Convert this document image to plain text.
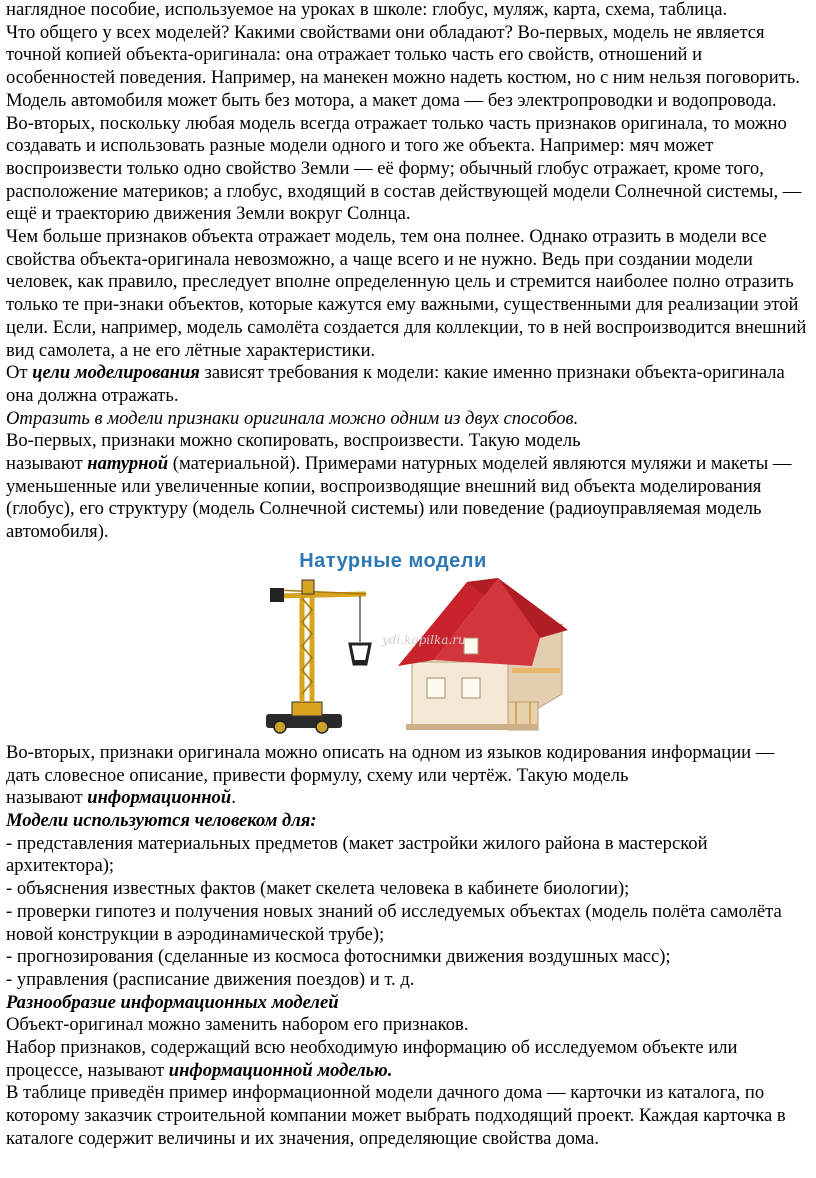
наглядное пособие, используемое на уроках в школе: глобус, муляж, карта, схема, таблица.

Что общего у всех моделей? Какими свойствами они обладают? Во-первых, модель не является точной копией объекта-оригинала: она отражает только часть его свойств, отношений и особенностей поведения. Например, на манекен можно надеть костюм, но с ним нельзя поговорить. Модель автомобиля может быть без мотора, а макет дома — без электропроводки и водопровода.

Во-вторых, поскольку любая модель всегда отражает только часть признаков оригинала, то можно создавать и использовать разные модели одного и того же объекта. Например: мяч может воспроизвести только одно свойство Земли — её форму; обычный глобус отражает, кроме того, расположение материков; а глобус, входящий в состав действующей модели Солнечной системы, — ещё и траекторию движения Земли вокруг Солнца.

Чем больше признаков объекта отражает модель, тем она полнее. Однако отразить в модели все свойства объекта-оригинала невозможно, а чаще всего и не нужно. Ведь при создании модели человек, как правило, преследует вполне определенную цель и стремится наиболее полно отразить только те при-знаки объектов, которые кажутся ему важными, существенными для реализации этой цели. Если, например, модель самолёта создается для коллекции, то в ней воспроизводится внешний вид самолета, а не его лётные характеристики.

От цели моделирования зависят требования к модели: какие именно признаки объекта-оригинала она должна отражать.

Отразить в модели признаки оригинала можно одним из двух способов.

Во-первых, признаки можно скопировать, воспроизвести. Такую модель

называют натурной (материальной). Примерами натурных моделей являются муляжи и макеты — уменьшенные или увеличенные копии, воспроизводящие внешний вид объекта моделирования (глобус), его структуру (модель Солнечной системы) или поведение (радиоуправляемая модель автомобиля).

Натурные модели
ydi.kopilka.ru

Во-вторых, признаки оригинала можно описать на одном из языков кодирования информации — дать словесное описание, привести формулу, схему или чертёж. Такую модель

называют информационной.

Модели используются человеком для:

- представления материальных предметов (макет застройки жилого района в мастерской архитектора);

- объяснения известных фактов (макет скелета человека в кабинете биологии);

- проверки гипотез и получения новых знаний об исследуемых объектах (модель полёта самолёта новой конструкции в аэродинамической трубе);

- прогнозирования (сделанные из космоса фотоснимки движения воздушных масс);

- управления (расписание движения поездов) и т. д.

Разнообразие информационных моделей

Объект-оригинал можно заменить набором его признаков.

Набор признаков, содержащий всю необходимую информацию об исследуемом объекте или процессе, называют информационной моделью.

В таблице приведён пример информационной модели дачного дома — карточки из каталога, по которому заказчик строительной компании может выбрать подходящий проект. Каждая карточка в каталоге содержит величины и их значения, определяющие свойства дома.
